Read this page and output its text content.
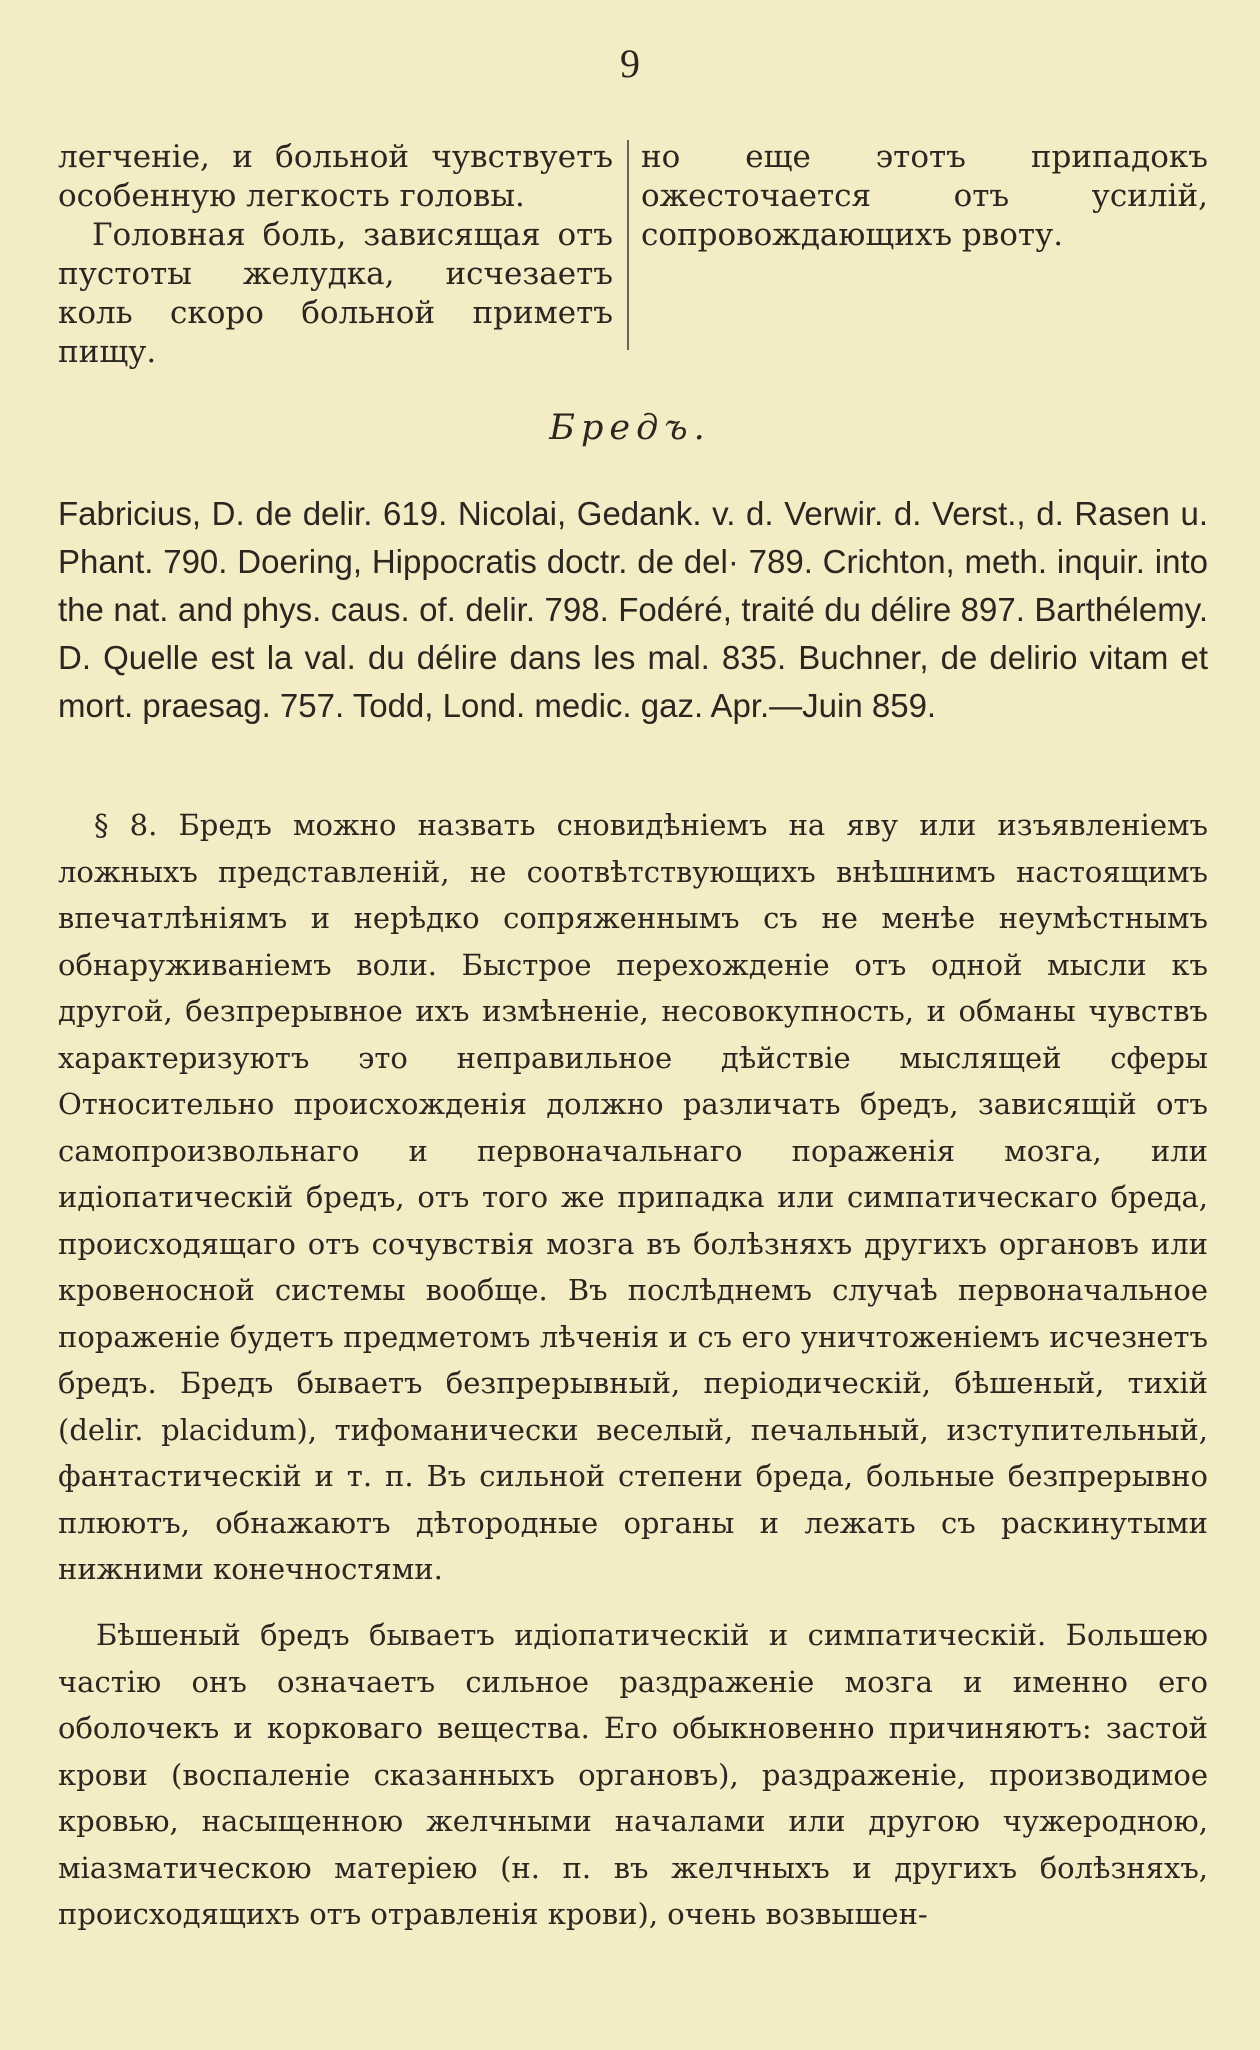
9

легченіе, и больной чувствуетъ особенную легкость головы.

Головная боль, зависящая отъ пустоты желудка, исчезаетъ коль скоро больной приметъ пищу.

но еще этотъ припадокъ ожесточается отъ усилій, сопровождающихъ рвоту.

Бредъ.

Fabricius, D. de delir. 619. Nicolai, Gedank. v. d. Verwir. d. Verst., d. Rasen u. Phant. 790. Doering, Hippocratis doctr. de del· 789. Crichton, meth. inquir. into the nat. and phys. caus. of. delir. 798. Fodéré, traité du délire 897. Barthélemy. D. Quelle est la val. du délire dans les mal. 835. Buchner, de delirio vitam et mort. praesag. 757. Todd, Lond. medic. gaz. Apr.—Juin 859.

§ 8. Бредъ можно назвать сновидѣніемъ на яву или изъявленіемъ ложныхъ представленій, не соотвѣтствующихъ внѣшнимъ настоящимъ впечатлѣніямъ и нерѣдко сопряженнымъ съ не менѣе неумѣстнымъ обнаруживаніемъ воли. Быстрое перехожденіе отъ одной мысли къ другой, безпрерывное ихъ измѣненіе, несовокупность, и обманы чувствъ характеризуютъ это неправильное дѣйствіе мыслящей сферы Относительно происхожденія должно различать бредъ, зависящій отъ самопроизвольнаго и первоначальнаго пораженія мозга, или идіопатическій бредъ, отъ того же припадка или симпатическаго бреда, происходящаго отъ сочувствія мозга въ болѣзняхъ другихъ органовъ или кровеносной системы вообще. Въ послѣднемъ случаѣ первоначальное пораженіе будетъ предметомъ лѣченія и съ его уничтоженіемъ исчезнетъ бредъ. Бредъ бываетъ безпрерывный, періодическій, бѣшеный, тихій (delir. placidum), тифоманически веселый, печальный, изступительный, фантастическій и т. п. Въ сильной степени бреда, больные безпрерывно плюютъ, обнажаютъ дѣтородные органы и лежать съ раскинутыми нижними конечностями.

Бѣшеный бредъ бываетъ идіопатическій и симпатическій. Большею частію онъ означаетъ сильное раздраженіе мозга и именно его оболочекъ и корковаго вещества. Его обыкновенно причиняютъ: застой крови (воспаленіе сказанныхъ органовъ), раздраженіе, производимое кровью, насыщенною желчными началами или другою чужеродною, міазматическою матеріею (н. п. въ желчныхъ и другихъ болѣзняхъ, происходящихъ отъ отравленія крови), очень возвышен-
